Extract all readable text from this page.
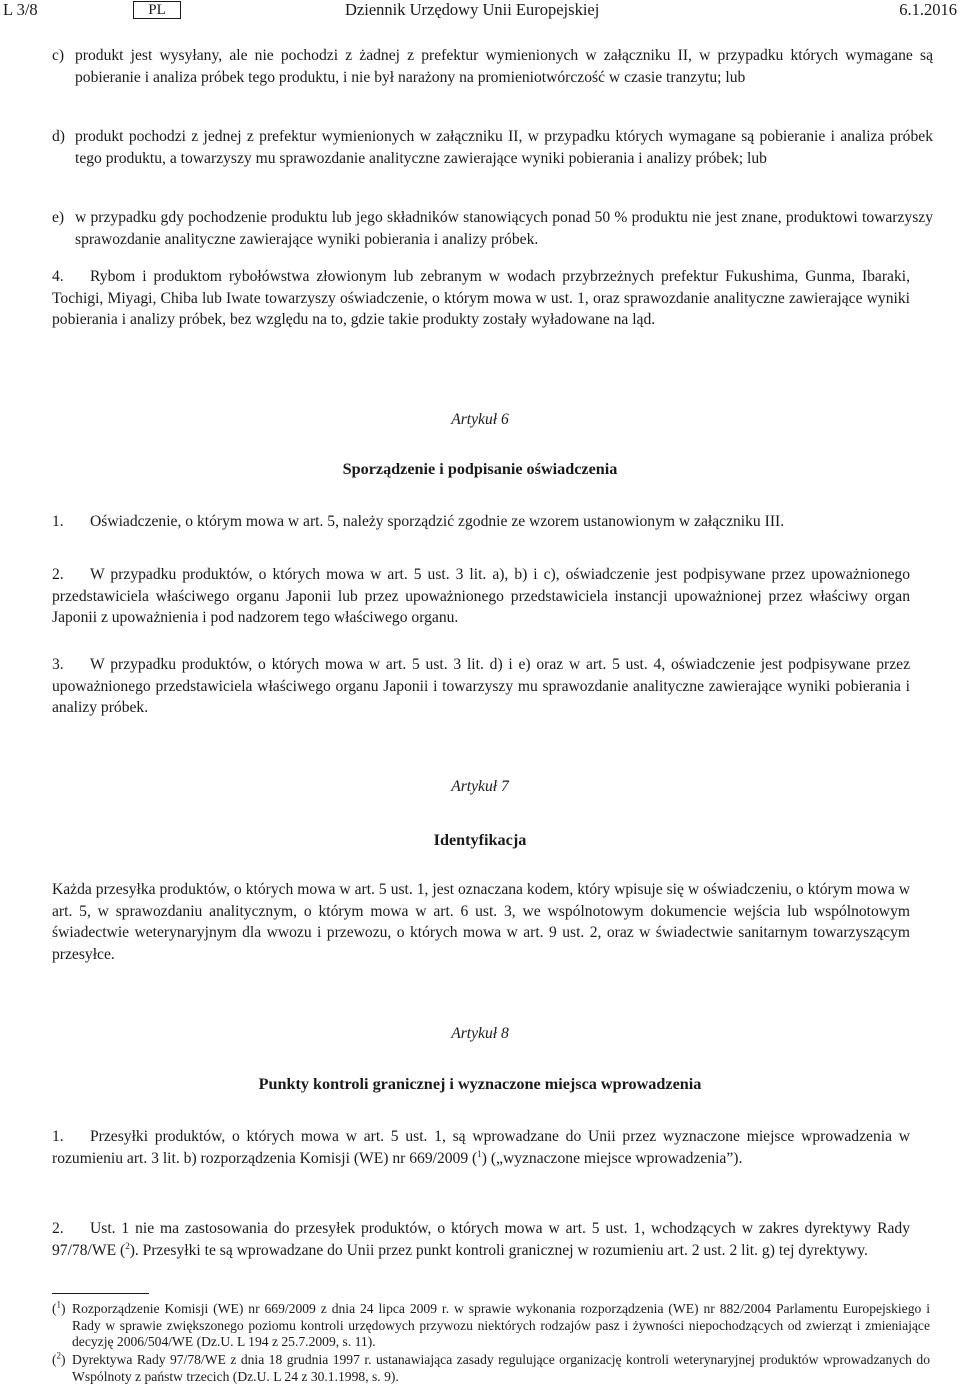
L 3/8	PL	Dziennik Urzędowy Unii Europejskiej	6.1.2016
c) produkt jest wysyłany, ale nie pochodzi z żadnej z prefektur wymienionych w załączniku II, w przypadku których wymagane są pobieranie i analiza próbek tego produktu, i nie był narażony na promieniotwórczość w czasie tranzytu; lub
d) produkt pochodzi z jednej z prefektur wymienionych w załączniku II, w przypadku których wymagane są pobieranie i analiza próbek tego produktu, a towarzyszy mu sprawozdanie analityczne zawierające wyniki pobierania i analizy próbek; lub
e) w przypadku gdy pochodzenie produktu lub jego składników stanowiących ponad 50 % produktu nie jest znane, produktowi towarzyszy sprawozdanie analityczne zawierające wyniki pobierania i analizy próbek.
4. Rybom i produktom rybołówstwa złowionym lub zebranym w wodach przybrzeżnych prefektur Fukushima, Gunma, Ibaraki, Tochigi, Miyagi, Chiba lub Iwate towarzyszy oświadczenie, o którym mowa w ust. 1, oraz sprawozdanie analityczne zawierające wyniki pobierania i analizy próbek, bez względu na to, gdzie takie produkty zostały wyładowane na ląd.
Artykuł 6
Sporządzenie i podpisanie oświadczenia
1. Oświadczenie, o którym mowa w art. 5, należy sporządzić zgodnie ze wzorem ustanowionym w załączniku III.
2. W przypadku produktów, o których mowa w art. 5 ust. 3 lit. a), b) i c), oświadczenie jest podpisywane przez upoważnionego przedstawiciela właściwego organu Japonii lub przez upoważnionego przedstawiciela instancji upoważnionej przez właściwy organ Japonii z upoważnienia i pod nadzorem tego właściwego organu.
3. W przypadku produktów, o których mowa w art. 5 ust. 3 lit. d) i e) oraz w art. 5 ust. 4, oświadczenie jest podpisywane przez upoważnionego przedstawiciela właściwego organu Japonii i towarzyszy mu sprawozdanie analityczne zawierające wyniki pobierania i analizy próbek.
Artykuł 7
Identyfikacja
Każda przesyłka produktów, o których mowa w art. 5 ust. 1, jest oznaczana kodem, który wpisuje się w oświadczeniu, o którym mowa w art. 5, w sprawozdaniu analitycznym, o którym mowa w art. 6 ust. 3, we wspólnotowym dokumencie wejścia lub wspólnotowym świadectwie weterynaryjnym dla wwozu i przewozu, o których mowa w art. 9 ust. 2, oraz w świadectwie sanitarnym towarzyszącym przesyłce.
Artykuł 8
Punkty kontroli granicznej i wyznaczone miejsca wprowadzenia
1. Przesyłki produktów, o których mowa w art. 5 ust. 1, są wprowadzane do Unii przez wyznaczone miejsce wprowadzenia w rozumieniu art. 3 lit. b) rozporządzenia Komisji (WE) nr 669/2009 ($^1$) („wyznaczone miejsce wprowadzenia”).
2. Ust. 1 nie ma zastosowania do przesyłek produktów, o których mowa w art. 5 ust. 1, wchodzących w zakres dyrektywy Rady 97/78/WE ($^2$). Przesyłki te są wprowadzane do Unii przez punkt kontroli granicznej w rozumieniu art. 2 ust. 2 lit. g) tej dyrektywy.
($^1$) Rozporządzenie Komisji (WE) nr 669/2009 z dnia 24 lipca 2009 r. w sprawie wykonania rozporządzenia (WE) nr 882/2004 Parlamentu Europejskiego i Rady w sprawie zwiększonego poziomu kontroli urzędowych przywozu niektórych rodzajów pasz i żywności niepochodzących od zwierząt i zmieniające decyzję 2006/504/WE (Dz.U. L 194 z 25.7.2009, s. 11).
($^2$) Dyrektywa Rady 97/78/WE z dnia 18 grudnia 1997 r. ustanawiająca zasady regulujące organizację kontroli weterynaryjnej produktów wprowadzanych do Wspólnoty z państw trzecich (Dz.U. L 24 z 30.1.1998, s. 9).
